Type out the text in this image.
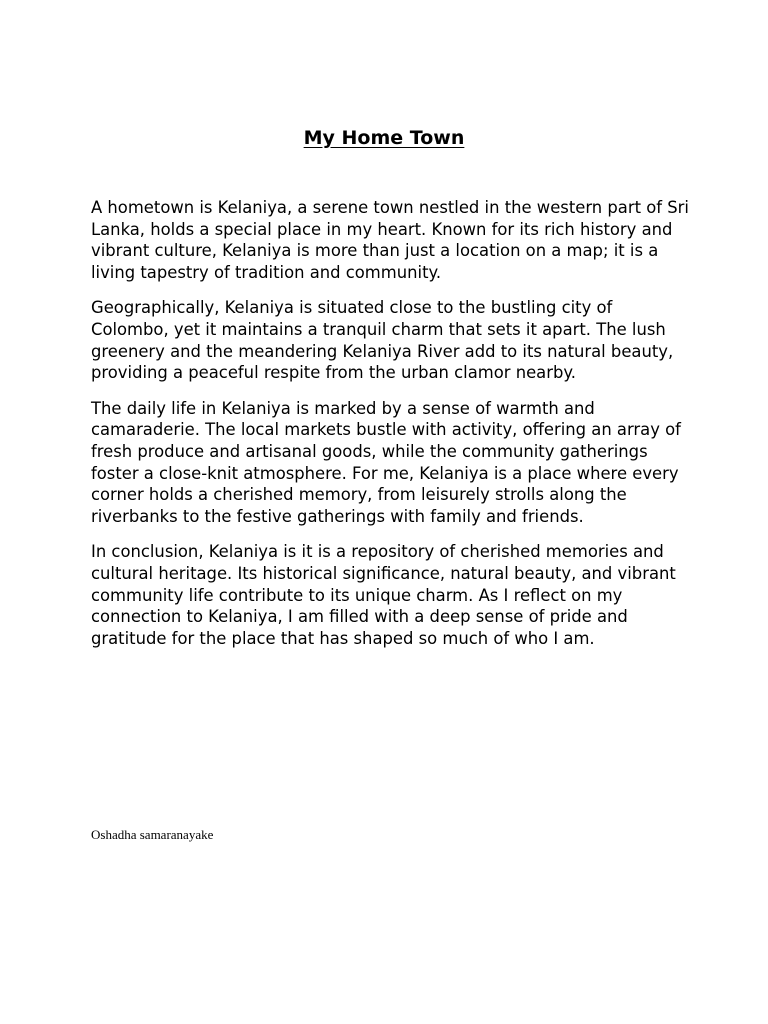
My Home Town

A hometown is Kelaniya, a serene town nestled in the western part of Sri Lanka, holds a special place in my heart. Known for its rich history and vibrant culture, Kelaniya is more than just a location on a map; it is a living tapestry of tradition and community.

Geographically, Kelaniya is situated close to the bustling city of Colombo, yet it maintains a tranquil charm that sets it apart. The lush greenery and the meandering Kelaniya River add to its natural beauty, providing a peaceful respite from the urban clamor nearby.

The daily life in Kelaniya is marked by a sense of warmth and camaraderie. The local markets bustle with activity, offering an array of fresh produce and artisanal goods, while the community gatherings foster a close-knit atmosphere. For me, Kelaniya is a place where every corner holds a cherished memory, from leisurely strolls along the riverbanks to the festive gatherings with family and friends.

In conclusion, Kelaniya is it is a repository of cherished memories and cultural heritage. Its historical significance, natural beauty, and vibrant community life contribute to its unique charm. As I reflect on my connection to Kelaniya, I am filled with a deep sense of pride and gratitude for the place that has shaped so much of who I am.

Oshadha samaranayake
